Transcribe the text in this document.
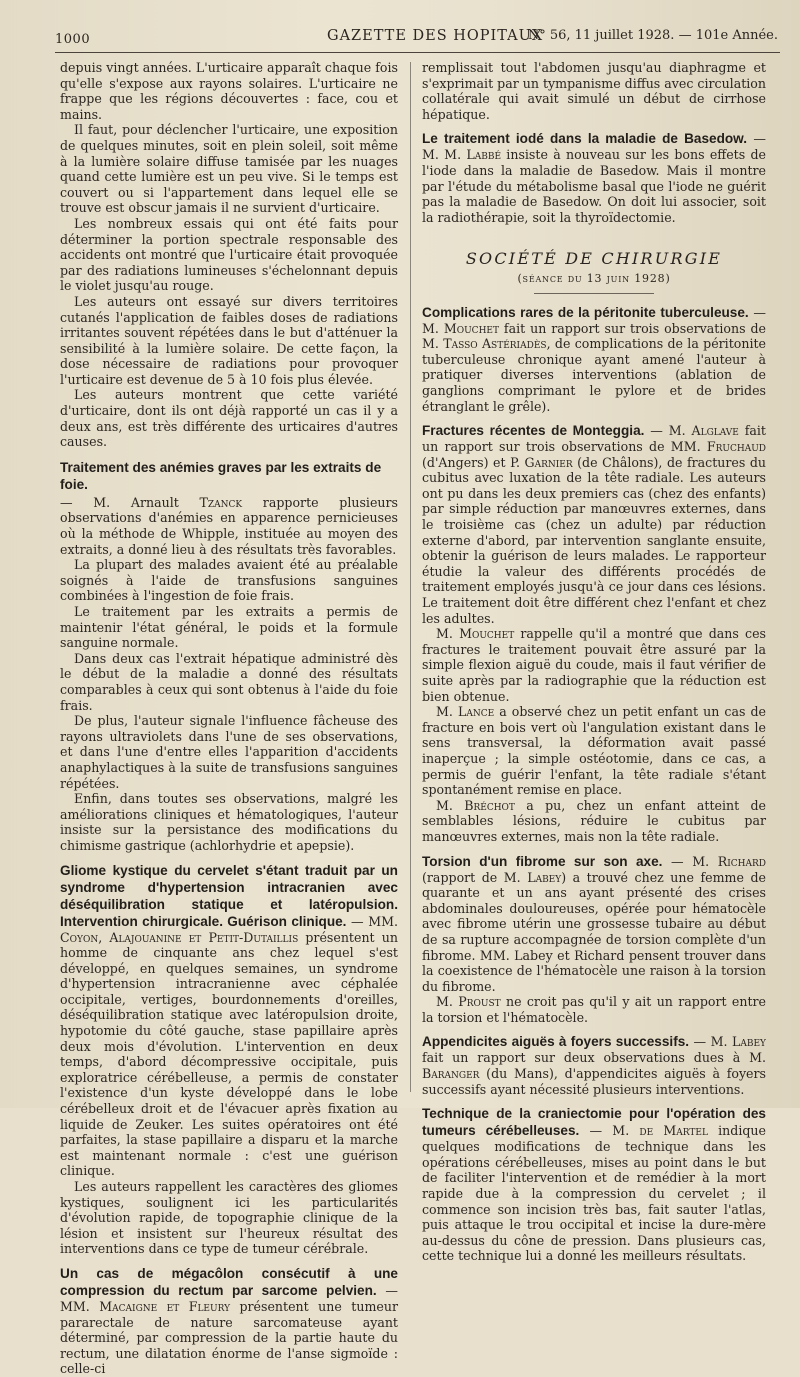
1000	GAZETTE DES HOPITAUX
N° 56, 11 juillet 1928. — 101e Année.

depuis vingt années. L'urticaire apparaît chaque fois qu'elle s'expose aux rayons solaires. L'urticaire ne frappe que les régions découvertes : face, cou et mains.

Il faut, pour déclencher l'urticaire, une exposition de quelques minutes, soit en plein soleil, soit même à la lumière solaire diffuse tamisée par les nuages quand cette lumière est un peu vive. Si le temps est couvert ou si l'appartement dans lequel elle se trouve est obscur jamais il ne survient d'urticaire.

Les nombreux essais qui ont été faits pour déterminer la portion spectrale responsable des accidents ont montré que l'urticaire était provoquée par des radiations lumineuses s'échelonnant depuis le violet jusqu'au rouge.

Les auteurs ont essayé sur divers territoires cutanés l'application de faibles doses de radiations irritantes souvent répétées dans le but d'atténuer la sensibilité à la lumière solaire. De cette façon, la dose nécessaire de radiations pour provoquer l'urticaire est devenue de 5 à 10 fois plus élevée.

Les auteurs montrent que cette variété d'urticaire, dont ils ont déjà rapporté un cas il y a deux ans, est très différente des urticaires d'autres causes.

Traitement des anémies graves par les extraits de foie.

— M. Arnault Tzanck rapporte plusieurs observations d'anémies en apparence pernicieuses où la méthode de Whipple, instituée au moyen des extraits, a donné lieu à des résultats très favorables.

La plupart des malades avaient été au préalable soignés à l'aide de transfusions sanguines combinées à l'ingestion de foie frais.

Le traitement par les extraits a permis de maintenir l'état général, le poids et la formule sanguine normale.

Dans deux cas l'extrait hépatique administré dès le début de la maladie a donné des résultats comparables à ceux qui sont obtenus à l'aide du foie frais.

De plus, l'auteur signale l'influence fâcheuse des rayons ultraviolets dans l'une de ses observations, et dans l'une d'entre elles l'apparition d'accidents anaphylactiques à la suite de transfusions sanguines répétées.

Enfin, dans toutes ses observations, malgré les améliorations cliniques et hématologiques, l'auteur insiste sur la persistance des modifications du chimisme gastrique (achlorhydrie et apepsie).

Gliome kystique du cervelet s'étant traduit par un syndrome d'hypertension intracranien avec déséquilibration statique et latéropulsion. Intervention chirurgicale. Guérison clinique. — MM. Coyon, Alajouanine et Petit-Dutaillis présentent un homme de cinquante ans chez lequel s'est développé, en quelques semaines, un syndrome d'hypertension intracranienne avec céphalée occipitale, vertiges, bourdonnements d'oreilles, déséquilibration statique avec latéropulsion droite, hypotomie du côté gauche, stase papillaire après deux mois d'évolution. L'intervention en deux temps, d'abord décompressive occipitale, puis exploratrice cérébelleuse, a permis de constater l'existence d'un kyste développé dans le lobe cérébelleux droit et de l'évacuer après fixation au liquide de Zeuker. Les suites opératoires ont été parfaites, la stase papillaire a disparu et la marche est maintenant normale : c'est une guérison clinique.

Les auteurs rappellent les caractères des gliomes kystiques, soulignent ici les particularités d'évolution rapide, de topographie clinique de la lésion et insistent sur l'heureux résultat des interventions dans ce type de tumeur cérébrale.

Un cas de mégacôlon consécutif à une compression du rectum par sarcome pelvien. — MM. Macaigne et Fleury présentent une tumeur pararectale de nature sarcomateuse ayant déterminé, par compression de la partie haute du rectum, une dilatation énorme de l'anse sigmoïde : celle-ci

remplissait tout l'abdomen jusqu'au diaphragme et s'exprimait par un tympanisme diffus avec circulation collatérale qui avait simulé un début de cirrhose hépatique.

Le traitement iodé dans la maladie de Basedow. — M. M. Labbé insiste à nouveau sur les bons effets de l'iode dans la maladie de Basedow. Mais il montre par l'étude du métabolisme basal que l'iode ne guérit pas la maladie de Basedow. On doit lui associer, soit la radiothérapie, soit la thyroïdectomie.

SOCIÉTÉ DE CHIRURGIE
(séance du 13 juin 1928)

Complications rares de la péritonite tuberculeuse. — M. Mouchet fait un rapport sur trois observations de M. Tasso Astériadès, de complications de la péritonite tuberculeuse chronique ayant amené l'auteur à pratiquer diverses interventions (ablation de ganglions comprimant le pylore et de brides étranglant le grêle).

Fractures récentes de Monteggia. — M. Alglave fait un rapport sur trois observations de MM. Fruchaud (d'Angers) et P. Garnier (de Châlons), de fractures du cubitus avec luxation de la tête radiale. Les auteurs ont pu dans les deux premiers cas (chez des enfants) par simple réduction par manœuvres externes, dans le troisième cas (chez un adulte) par réduction externe d'abord, par intervention sanglante ensuite, obtenir la guérison de leurs malades. Le rapporteur étudie la valeur des différents procédés de traitement employés jusqu'à ce jour dans ces lésions. Le traitement doit être différent chez l'enfant et chez les adultes.

M. Mouchet rappelle qu'il a montré que dans ces fractures le traitement pouvait être assuré par la simple flexion aiguë du coude, mais il faut vérifier de suite après par la radiographie que la réduction est bien obtenue.

M. Lance a observé chez un petit enfant un cas de fracture en bois vert où l'angulation existant dans le sens transversal, la déformation avait passé inaperçue ; la simple ostéotomie, dans ce cas, a permis de guérir l'enfant, la tête radiale s'étant spontanément remise en place.

M. Bréchot a pu, chez un enfant atteint de semblables lésions, réduire le cubitus par manœuvres externes, mais non la tête radiale.

Torsion d'un fibrome sur son axe. — M. Richard (rapport de M. Labey) a trouvé chez une femme de quarante et un ans ayant présenté des crises abdominales douloureuses, opérée pour hématocèle avec fibrome utérin une grossesse tubaire au début de sa rupture accompagnée de torsion complète d'un fibrome. MM. Labey et Richard pensent trouver dans la coexistence de l'hématocèle une raison à la torsion du fibrome.

M. Proust ne croit pas qu'il y ait un rapport entre la torsion et l'hématocèle.

Appendicites aiguës à foyers successifs. — M. Labey fait un rapport sur deux observations dues à M. Baranger (du Mans), d'appendicites aiguës à foyers successifs ayant nécessité plusieurs interventions.

Technique de la craniectomie pour l'opération des tumeurs cérébelleuses. — M. de Martel indique quelques modifications de technique dans les opérations cérébelleuses, mises au point dans le but de faciliter l'intervention et de remédier à la mort rapide due à la compression du cervelet ; il commence son incision très bas, fait sauter l'atlas, puis attaque le trou occipital et incise la dure-mère au-dessus du cône de pression. Dans plusieurs cas, cette technique lui a donné les meilleurs résultats.
